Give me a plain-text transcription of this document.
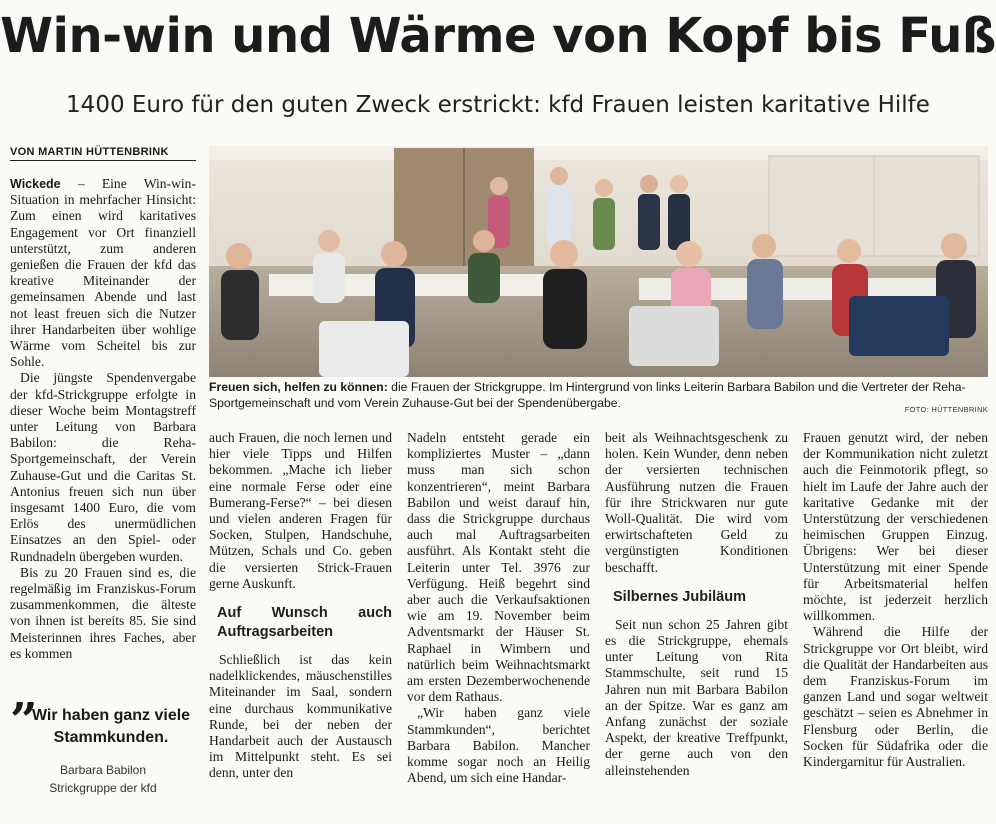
Win-win und Wärme von Kopf bis Fuß
1400 Euro für den guten Zweck erstrickt: kfd Frauen leisten karitative Hilfe
VON MARTIN HÜTTENBRINK

Wickede – Eine Win-win-Situation in mehrfacher Hinsicht: Zum einen wird karitatives Engagement vor Ort finanziell unterstützt, zum anderen genießen die Frauen der kfd das kreative Miteinander der gemeinsamen Abende und last not least freuen sich die Nutzer ihrer Handarbeiten über wohlige Wärme vom Scheitel bis zur Sohle.

Die jüngste Spendenvergabe der kfd-Strickgruppe erfolgte in dieser Woche beim Montagstreff unter Leitung von Barbara Babilon: die Reha-Sportgemeinschaft, der Verein Zuhause-Gut und die Caritas St. Antonius freuen sich nun über insgesamt 1400 Euro, die vom Erlös des unermüdlichen Einsatzes an den Spiel- oder Rundnadeln übergeben wurden.

Bis zu 20 Frauen sind es, die regelmäßig im Franziskus-Forum zusammenkommen, die älteste von ihnen ist bereits 85. Sie sind Meisterinnen ihres Faches, aber es kommen

”
Wir haben ganz viele Stammkunden.
Barbara Babilon
Strickgruppe der kfd
Freuen sich, helfen zu können: die Frauen der Strickgruppe. Im Hintergrund von links Leiterin Barbara Babilon und die Vertreter der Reha-Sportgemeinschaft und vom Verein Zuhause-Gut bei der Spendenübergabe.	FOTO: HÜTTENBRINK

auch Frauen, die noch lernen und hier viele Tipps und Hilfen bekommen. „Mache ich lieber eine normale Ferse oder eine Bumerang-Ferse?“ – bei diesen und vielen anderen Fragen für Socken, Stulpen, Handschuhe, Mützen, Schals und Co. geben die versierten Strick-Frauen gerne Auskunft.

Auf Wunsch auch Auftragsarbeiten

Schließlich ist das kein nadelklickendes, mäuschenstilles Miteinander im Saal, sondern eine durchaus kommunikative Runde, bei der neben der Handarbeit auch der Austausch im Mittelpunkt steht. Es sei denn, unter den

Nadeln entsteht gerade ein kompliziertes Muster – „dann muss man sich schon konzentrieren“, meint Barbara Babilon und weist darauf hin, dass die Strickgruppe durchaus auch mal Auftragsarbeiten ausführt. Als Kontakt steht die Leiterin unter Tel. 3976 zur Verfügung. Heiß begehrt sind aber auch die Verkaufsaktionen wie am 19. November beim Adventsmarkt der Häuser St. Raphael in Wimbern und natürlich beim Weihnachtsmarkt am ersten Dezemberwochenende vor dem Rathaus.

„Wir haben ganz viele Stammkunden“, berichtet Barbara Babilon. Mancher komme sogar noch an Heilig Abend, um sich eine Handar-

beit als Weihnachtsgeschenk zu holen. Kein Wunder, denn neben der versierten technischen Ausführung nutzen die Frauen für ihre Strickwaren nur gute Woll-Qualität. Die wird vom erwirtschafteten Geld zu vergünstigten Konditionen beschafft.

Silbernes Jubiläum

Seit nun schon 25 Jahren gibt es die Strickgruppe, ehemals unter Leitung von Rita Stammschulte, seit rund 15 Jahren nun mit Barbara Babilon an der Spitze. War es ganz am Anfang zunächst der soziale Aspekt, der kreative Treffpunkt, der gerne auch von den alleinstehenden

Frauen genutzt wird, der neben der Kommunikation nicht zuletzt auch die Feinmotorik pflegt, so hielt im Laufe der Jahre auch der karitative Gedanke mit der Unterstützung der verschiedenen heimischen Gruppen Einzug. Übrigens: Wer bei dieser Unterstützung mit einer Spende für Arbeitsmaterial helfen möchte, ist jederzeit herzlich willkommen.

Während die Hilfe der Strickgruppe vor Ort bleibt, wird die Qualität der Handarbeiten aus dem Franziskus-Forum im ganzen Land und sogar weltweit geschätzt – seien es Abnehmer in Flensburg oder Berlin, die Socken für Südafrika oder die Kindergarnitur für Australien.
